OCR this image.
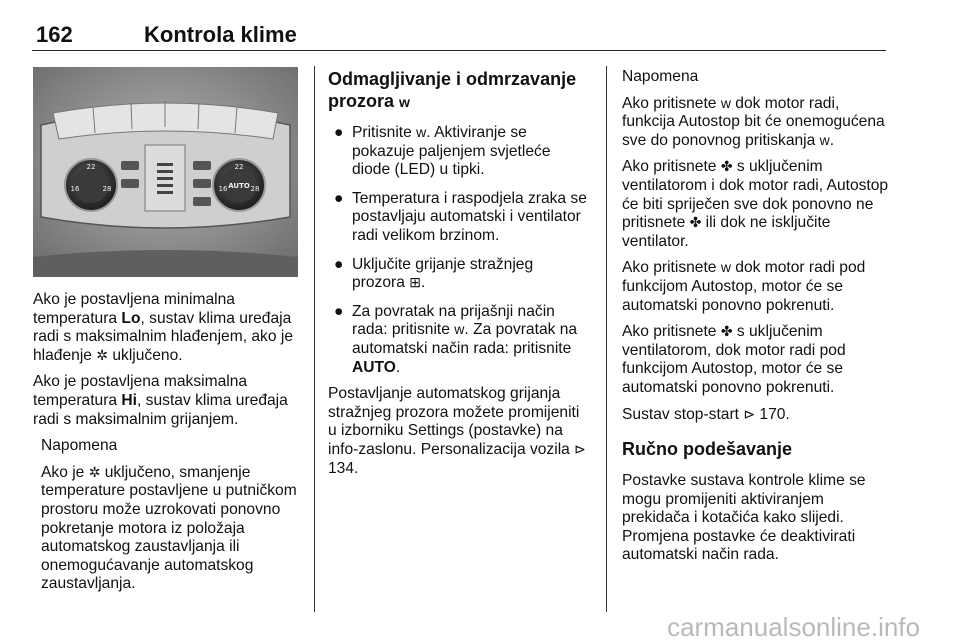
162	Kontrola klime
16
22
28	16
22
28
AUTO

Ako je postavljena minimalna temperatura Lo, sustav klima uređaja radi s maksimalnim hlađenjem, ako je hlađenje ✲ uključeno.

Ako je postavljena maksimalna temperatura Hi, sustav klima uređaja radi s maksimalnim grijanjem.

Napomena

Ako je ✲ uključeno, smanjenje temperature postavljene u putničkom prostoru može uzrokovati ponovno pokretanje motora iz položaja automatskog zaustavljanja ili onemogućavanje automatskog zaustavljanja.

Odmagljivanje i odmrzavanje prozora ᴡ
● Pritisnite ᴡ. Aktiviranje se pokazuje paljenjem svjetleće diode (LED) u tipki.
● Temperatura i raspodjela zraka se postavljaju automatski i ventilator radi velikom brzinom.
● Uključite grijanje stražnjeg prozora ⊞.
● Za povratak na prijašnji način rada: pritisnite ᴡ. Za povratak na automatski način rada: pritisnite AUTO.

Postavljanje automatskog grijanja stražnjeg prozora možete promijeniti u izborniku Settings (postavke) na info-zaslonu. Personalizacija vozila ⊳ 134.

Napomena

Ako pritisnete ᴡ dok motor radi, funkcija Autostop bit će onemogućena sve do ponovnog pritiskanja ᴡ.

Ako pritisnete ✤ s uključenim ventilatorom i dok motor radi, Autostop će biti spriječen sve dok ponovno ne pritisnete ✤ ili dok ne isključite ventilator.

Ako pritisnete ᴡ dok motor radi pod funkcijom Autostop, motor će se automatski ponovno pokrenuti.

Ako pritisnete ✤ s uključenim ventilatorom, dok motor radi pod funkcijom Autostop, motor će se automatski ponovno pokrenuti.

Sustav stop-start ⊳ 170.

Ručno podešavanje

Postavke sustava kontrole klime se mogu promijeniti aktiviranjem prekidača i kotačića kako slijedi. Promjena postavke će deaktivirati automatski način rada.

carmanualsonline.info
